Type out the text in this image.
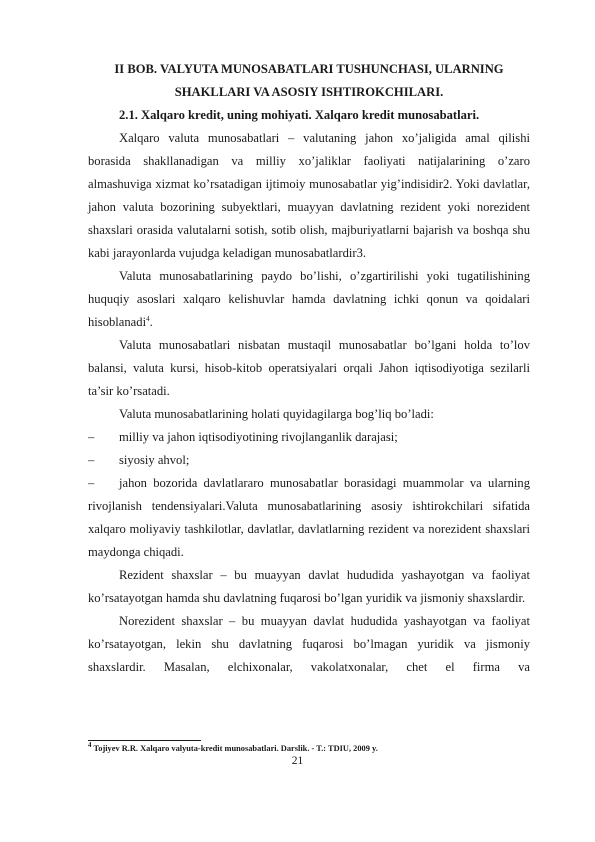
II BOB. VALYUTA MUNOSABATLARI TUSHUNCHASI, ULARNING
SHAKLLARI VA ASOSIY ISHTIROKCHILARI.
2.1. Xalqaro kredit, uning mohiyati. Xalqaro kredit munosabatlari.

Xalqaro valuta munosabatlari – valutaning jahon xo’jaligida amal qilishi borasida shakllanadigan va milliy xo’jaliklar faoliyati natijalarining o’zaro almashuviga xizmat ko’rsatadigan ijtimoiy munosabatlar yig’indisidir2. Yoki davlatlar, jahon valuta bozorining subyektlari, muayyan davlatning rezident yoki norezident shaxslari orasida valutalarni sotish, sotib olish, majburiyatlarni bajarish va boshqa shu kabi jarayonlarda vujudga keladigan munosabatlardir3.

Valuta munosabatlarining paydo bo’lishi, o’zgartirilishi yoki tugatilishining huquqiy asoslari xalqaro kelishuvlar hamda davlatning ichki qonun va qoidalari hisoblanadi$^4$.

Valuta munosabatlari nisbatan mustaqil munosabatlar bo’lgani holda to’lov balansi, valuta kursi, hisob-kitob operatsiyalari orqali Jahon iqtisodiyotiga sezilarli ta’sir ko’rsatadi.

Valuta munosabatlarining holati quyidagilarga bog’liq bo’ladi:

–	milliy va jahon iqtisodiyotining rivojlanganlik darajasi;
–	siyosiy ahvol;
– jahon bozorida davlatlararo munosabatlar borasidagi muammolar va ularning rivojlanish tendensiyalari.Valuta munosabatlarining asosiy ishtirokchilari sifatida xalqaro moliyaviy tashkilotlar, davlatlar, davlatlarning rezident va norezident shaxslari maydonga chiqadi.

Rezident shaxslar – bu muayyan davlat hududida yashayotgan va faoliyat ko’rsatayotgan hamda shu davlatning fuqarosi bo’lgan yuridik va jismoniy shaxslardir.

Norezident shaxslar – bu muayyan davlat hududida yashayotgan va faoliyat ko’rsatayotgan, lekin shu davlatning fuqarosi bo’lmagan yuridik va jismoniy shaxslardir. Masalan, elchixonalar, vakolatxonalar, chet el firma va

$^4$ Tojiyev R.R. Xalqaro valyuta-kredit munosabatlari. Darslik. - T.: TDIU, 2009 y.
21
